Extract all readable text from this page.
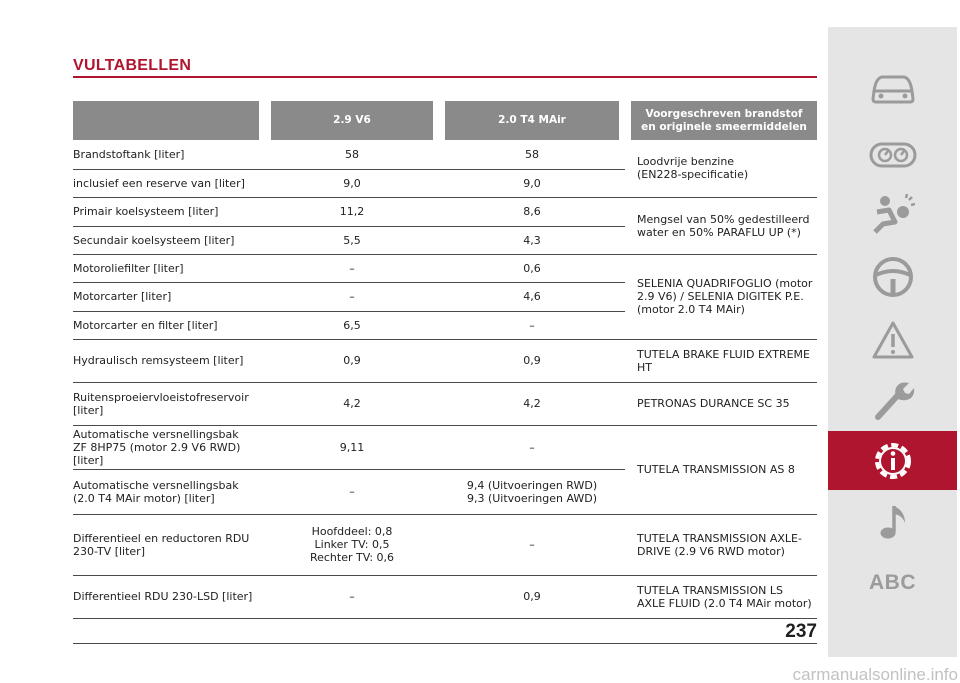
VULTABELLEN
	2.9 V6	2.0 T4 MAir	Voorgeschreven brandstof en originele smeermiddelen
Brandstoftank [liter]	58	58	Loodvrije benzine
(EN228-specificatie)
inclusief een reserve van [liter]	9,0	9,0	
Primair koelsysteem [liter]	11,2	8,6	Mengsel van 50% gedestilleerd water en 50% PARAFLU UP (*)
Secundair koelsysteem [liter]	5,5	4,3	
Motoroliefilter [liter]	–	0,6	SELENIA QUADRIFOGLIO (motor 2.9 V6) / SELENIA DIGITEK P.E. (motor 2.0 T4 MAir)
Motorcarter [liter]	–	4,6	
Motorcarter en filter [liter]	6,5	–	
Hydraulisch remsysteem [liter]	0,9	0,9	TUTELA BRAKE FLUID EXTREME HT
Ruitensproeiervloeistofreservoir [liter]	4,2	4,2	PETRONAS DURANCE SC 35
Automatische versnellingsbak ZF 8HP75 (motor 2.9 V6 RWD) [liter]	9,11	–	TUTELA TRANSMISSION AS 8
Automatische versnellingsbak (2.0 T4 MAir motor) [liter]	–	9,4 (Uitvoeringen RWD)
9,3 (Uitvoeringen AWD)	
Differentieel en reductoren RDU 230-TV [liter]	Hoofddeel: 0,8
Linker TV: 0,5
Rechter TV: 0,6	–	TUTELA TRANSMISSION AXLE-DRIVE (2.9 V6 RWD motor)
Differentieel RDU 230-LSD [liter]	–	0,9	TUTELA TRANSMISSION LS AXLE FLUID (2.0 T4 MAir motor)
ABC
237
carmanualsonline.info
